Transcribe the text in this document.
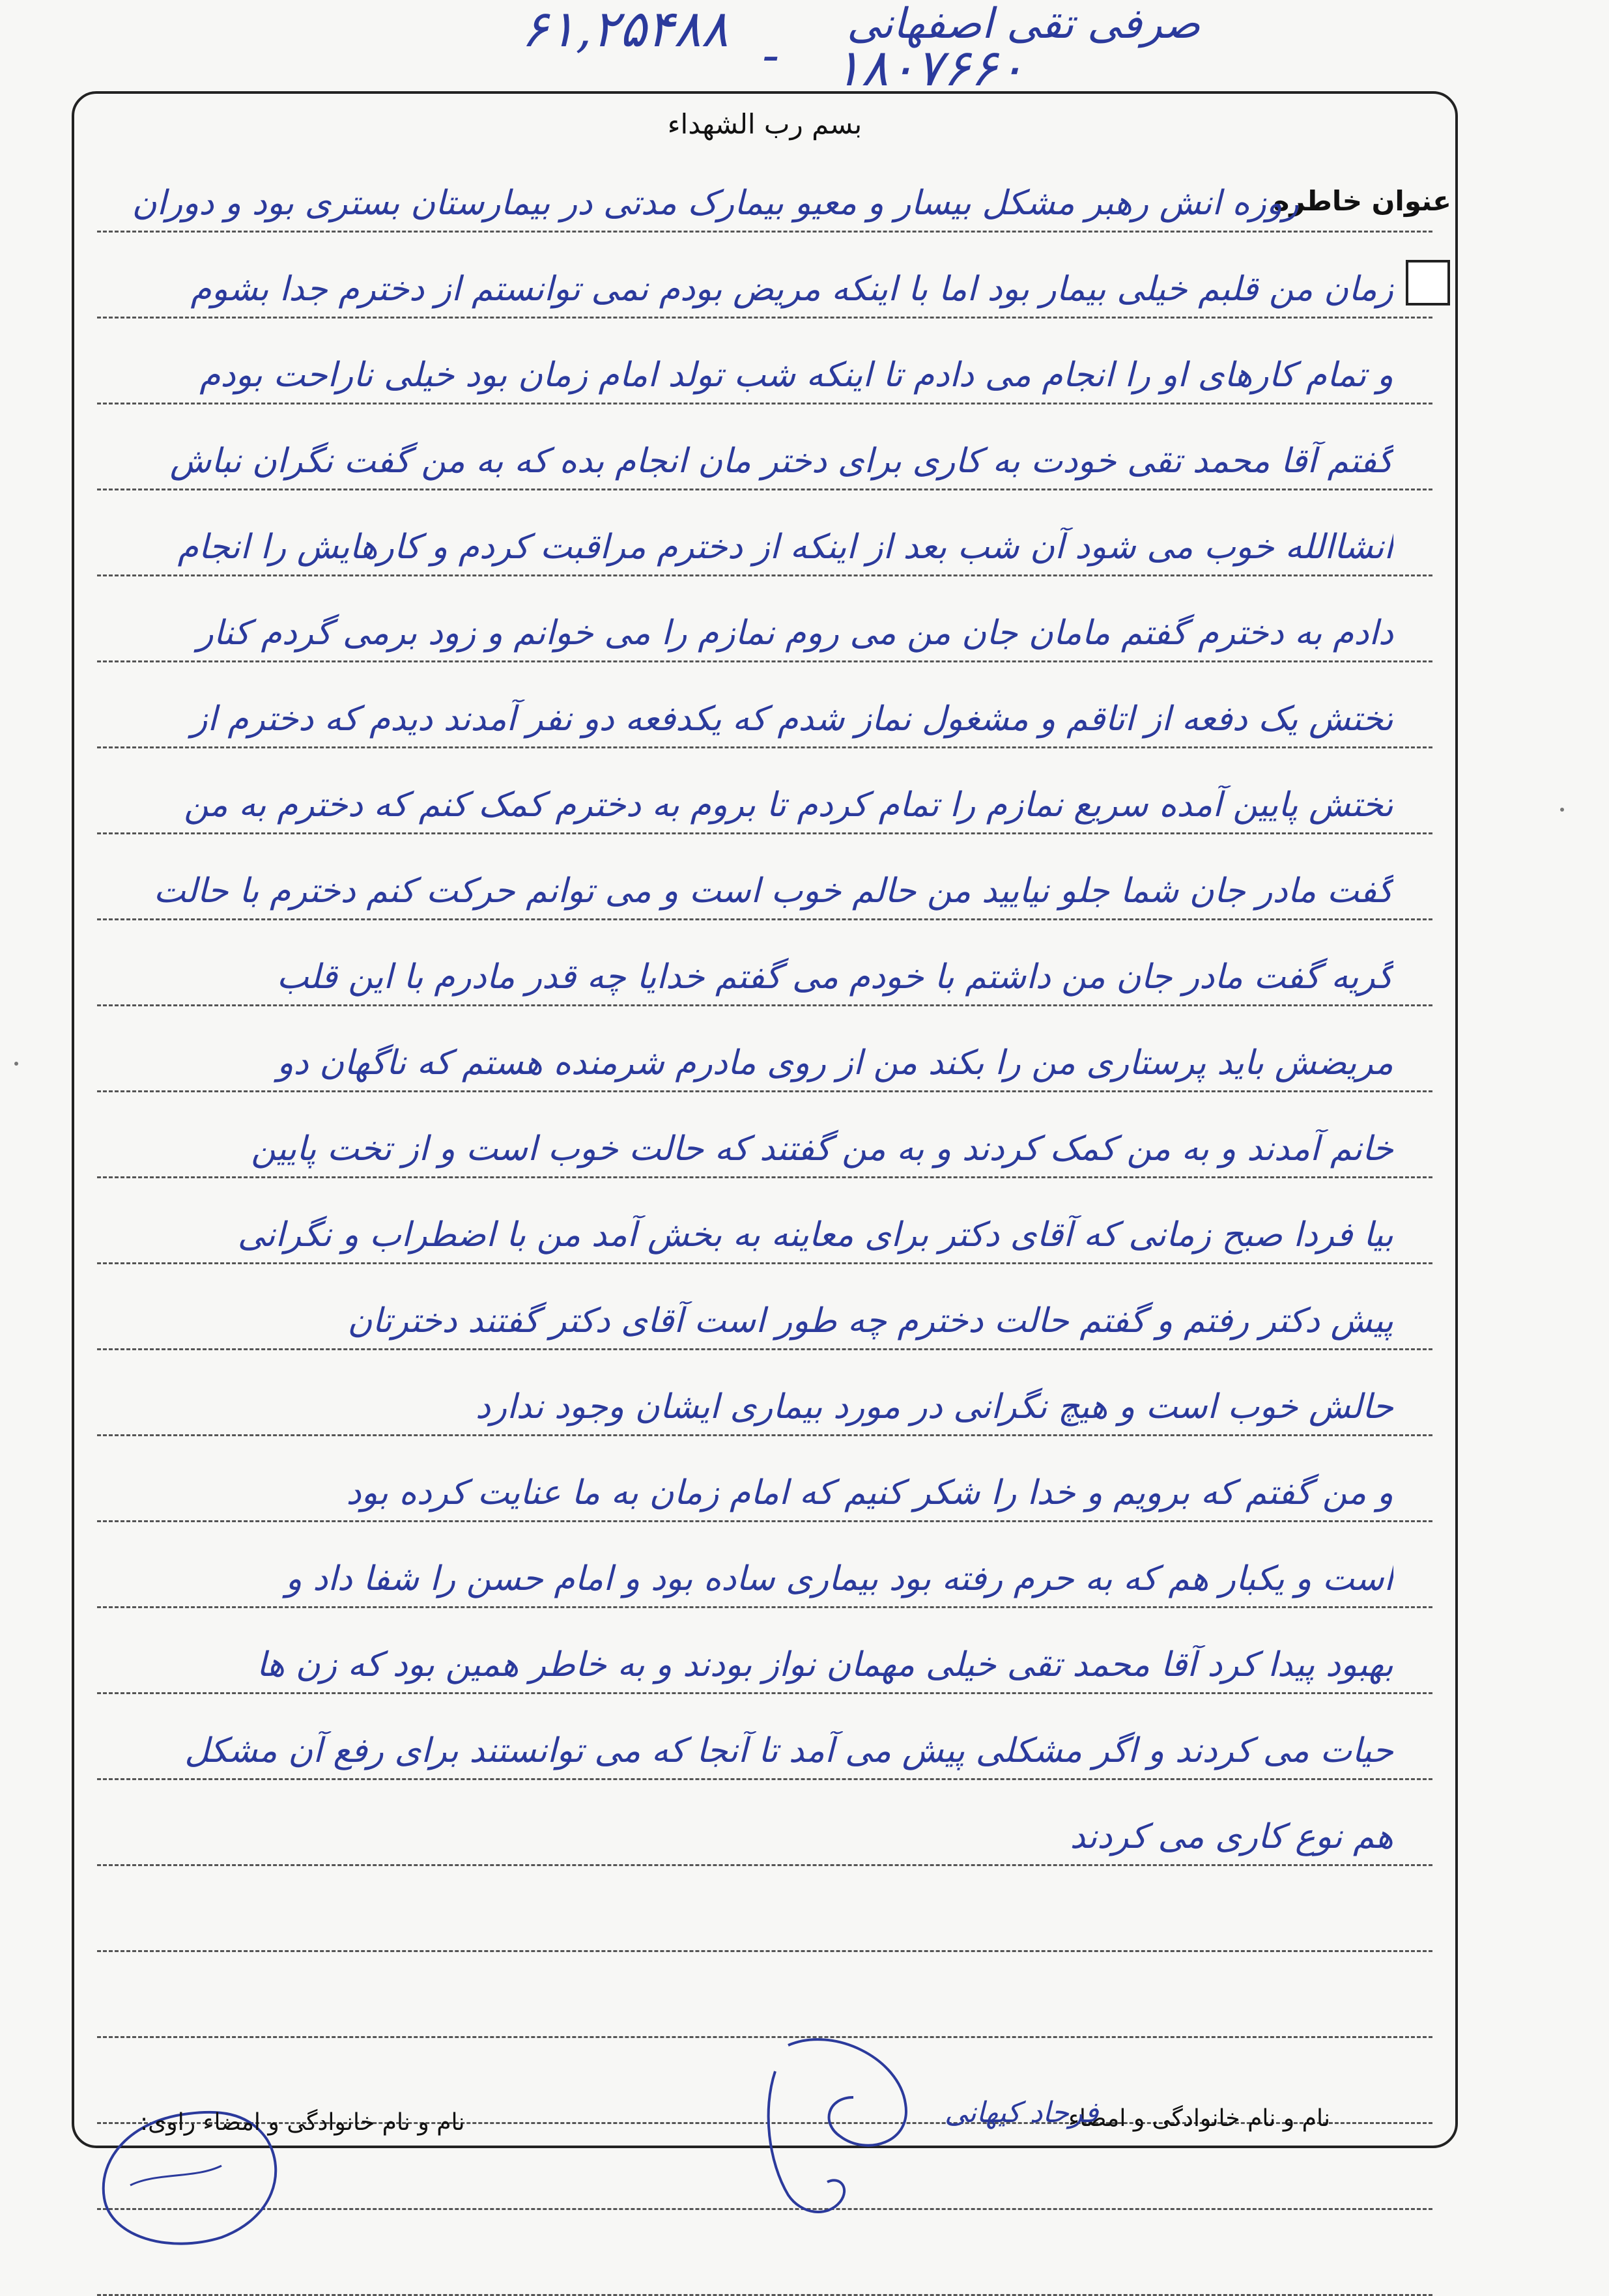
۶۱,۲۵۴۸۸ -
صرفی تقی اصفهانی
۱۸۰۷۶۶۰
بسم رب الشهداء
عنوان خاطره
روزه انش رهبر مشکل بیسار و معیو بیمارک مدتی در بیمارستان بستری بود و دوران
زمان من قلبم خیلی بیمار بود اما با اینکه مریض بودم نمی توانستم از دخترم جدا بشوم
و تمام کارهای او را انجام می دادم تا اینکه شب تولد امام زمان بود خیلی ناراحت بودم
گفتم آقا محمد تقی خودت به کاری برای دختر مان انجام بده که به من گفت نگران نباش
انشاالله خوب می شود آن شب بعد از اینکه از دخترم مراقبت کردم و کارهایش را انجام
دادم به دخترم گفتم مامان جان من می روم نمازم را می خوانم و زود برمی گردم کنار
تختش یک دفعه از اتاقم و مشغول نماز شدم که یکدفعه دو نفر آمدند دیدم که دخترم از
تختش پایین آمده سریع نمازم را تمام کردم تا بروم به دخترم کمک کنم که دخترم به من
گفت مادر جان شما جلو نیایید من حالم خوب است و می توانم حرکت کنم دخترم با حالت
گریه گفت مادر جان من داشتم با خودم می گفتم خدایا چه قدر مادرم با این قلب
مریضش باید پرستاری من را بکند من از روی مادرم شرمنده هستم که ناگهان دو
خانم آمدند و به من کمک کردند و به من گفتند که حالت خوب است و از تخت پایین
بیا فردا صبح زمانی که آقای دکتر برای معاینه به بخش آمد من با اضطراب و نگرانی
پیش دکتر رفتم و گفتم حالت دخترم چه طور است آقای دکتر گفتند دخترتان
حالش خوب است و هیچ نگرانی در مورد بیماری ایشان وجود ندارد
و من گفتم که برویم و خدا را شکر کنیم که امام زمان به ما عنایت کرده بود
است و یکبار هم که به حرم رفته بود بیماری ساده بود و امام حسن را شفا داد و
بهبود پیدا کرد آقا محمد تقی خیلی مهمان نواز بودند و به خاطر همین بود که زن ها
حیات می کردند و اگر مشکلی پیش می آمد تا آنجا که می توانستند برای رفع آن مشکل
هم نوع کاری می کردند
نام و نام خانوادگی و امضاء
فرحاد کیهانی
نام و نام خانوادگی و امضاء راوی:
